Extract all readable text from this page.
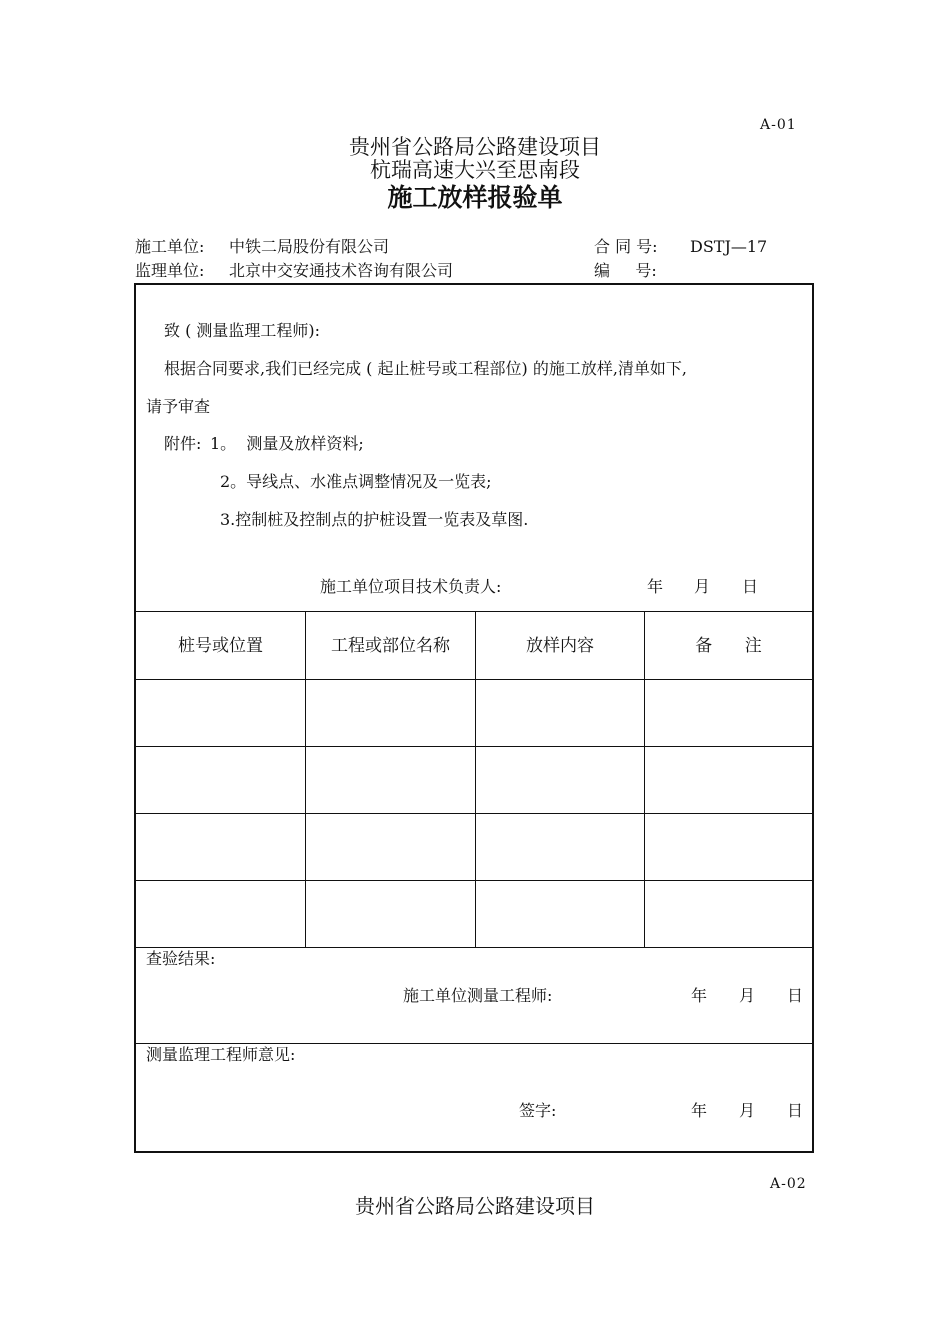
A-01
贵州省公路局公路建设项目
杭瑞高速大兴至思南段
施工放样报验单
施工单位: 中铁二局股份有限公司	合 同 号: DSTJ—17
监理单位: 北京中交安通技术咨询有限公司	编     号:
致 ( 测量监理工程师):
根据合同要求,我们已经完成 ( 起止桩号或工程部位) 的施工放样,清单如下,
请予审查
附件: 1。  测量及放样资料;
2。导线点、水准点调整情况及一览表;
3.控制桩及控制点的护桩设置一览表及草图.
施工单位项目技术负责人:	年 月 日
桩号或位置	工程或部位名称	放样内容	备      注
查验结果:
施工单位测量工程师:	年 月 日
测量监理工程师意见:
签字:	年 月 日
A-02
贵州省公路局公路建设项目
